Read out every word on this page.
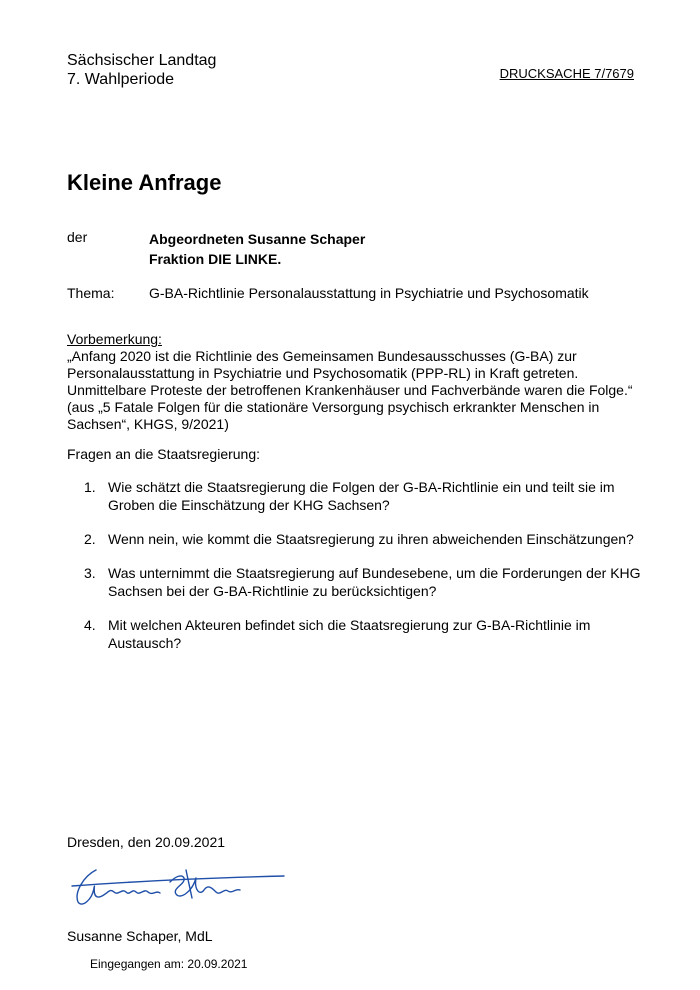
Sächsischer Landtag
7. Wahlperiode	DRUCKSACHE 7/7679
Kleine Anfrage
der	Abgeordneten Susanne Schaper
Fraktion DIE LINKE.
Thema: G-BA-Richtlinie Personalausstattung in Psychiatrie und Psychosomatik
Vorbemerkung:
„Anfang 2020 ist die Richtlinie des Gemeinsamen Bundesausschusses (G-BA) zur
Personalausstattung in Psychiatrie und Psychosomatik (PPP-RL) in Kraft getreten.
Unmittelbare Proteste der betroffenen Krankenhäuser und Fachverbände waren die Folge.“
(aus „5 Fatale Folgen für die stationäre Versorgung psychisch erkrankter Menschen in
Sachsen“, KHGS, 9/2021)
Fragen an die Staatsregierung:
1. Wie schätzt die Staatsregierung die Folgen der G-BA-Richtlinie ein und teilt sie im
Groben die Einschätzung der KHG Sachsen?
2. Wenn nein, wie kommt die Staatsregierung zu ihren abweichenden Einschätzungen?
3. Was unternimmt die Staatsregierung auf Bundesebene, um die Forderungen der KHG
Sachsen bei der G-BA-Richtlinie zu berücksichtigen?
4. Mit welchen Akteuren befindet sich die Staatsregierung zur G-BA-Richtlinie im
Austausch?
Dresden, den 20.09.2021
Susanne Schaper, MdL
Eingegangen am: 20.09.2021
